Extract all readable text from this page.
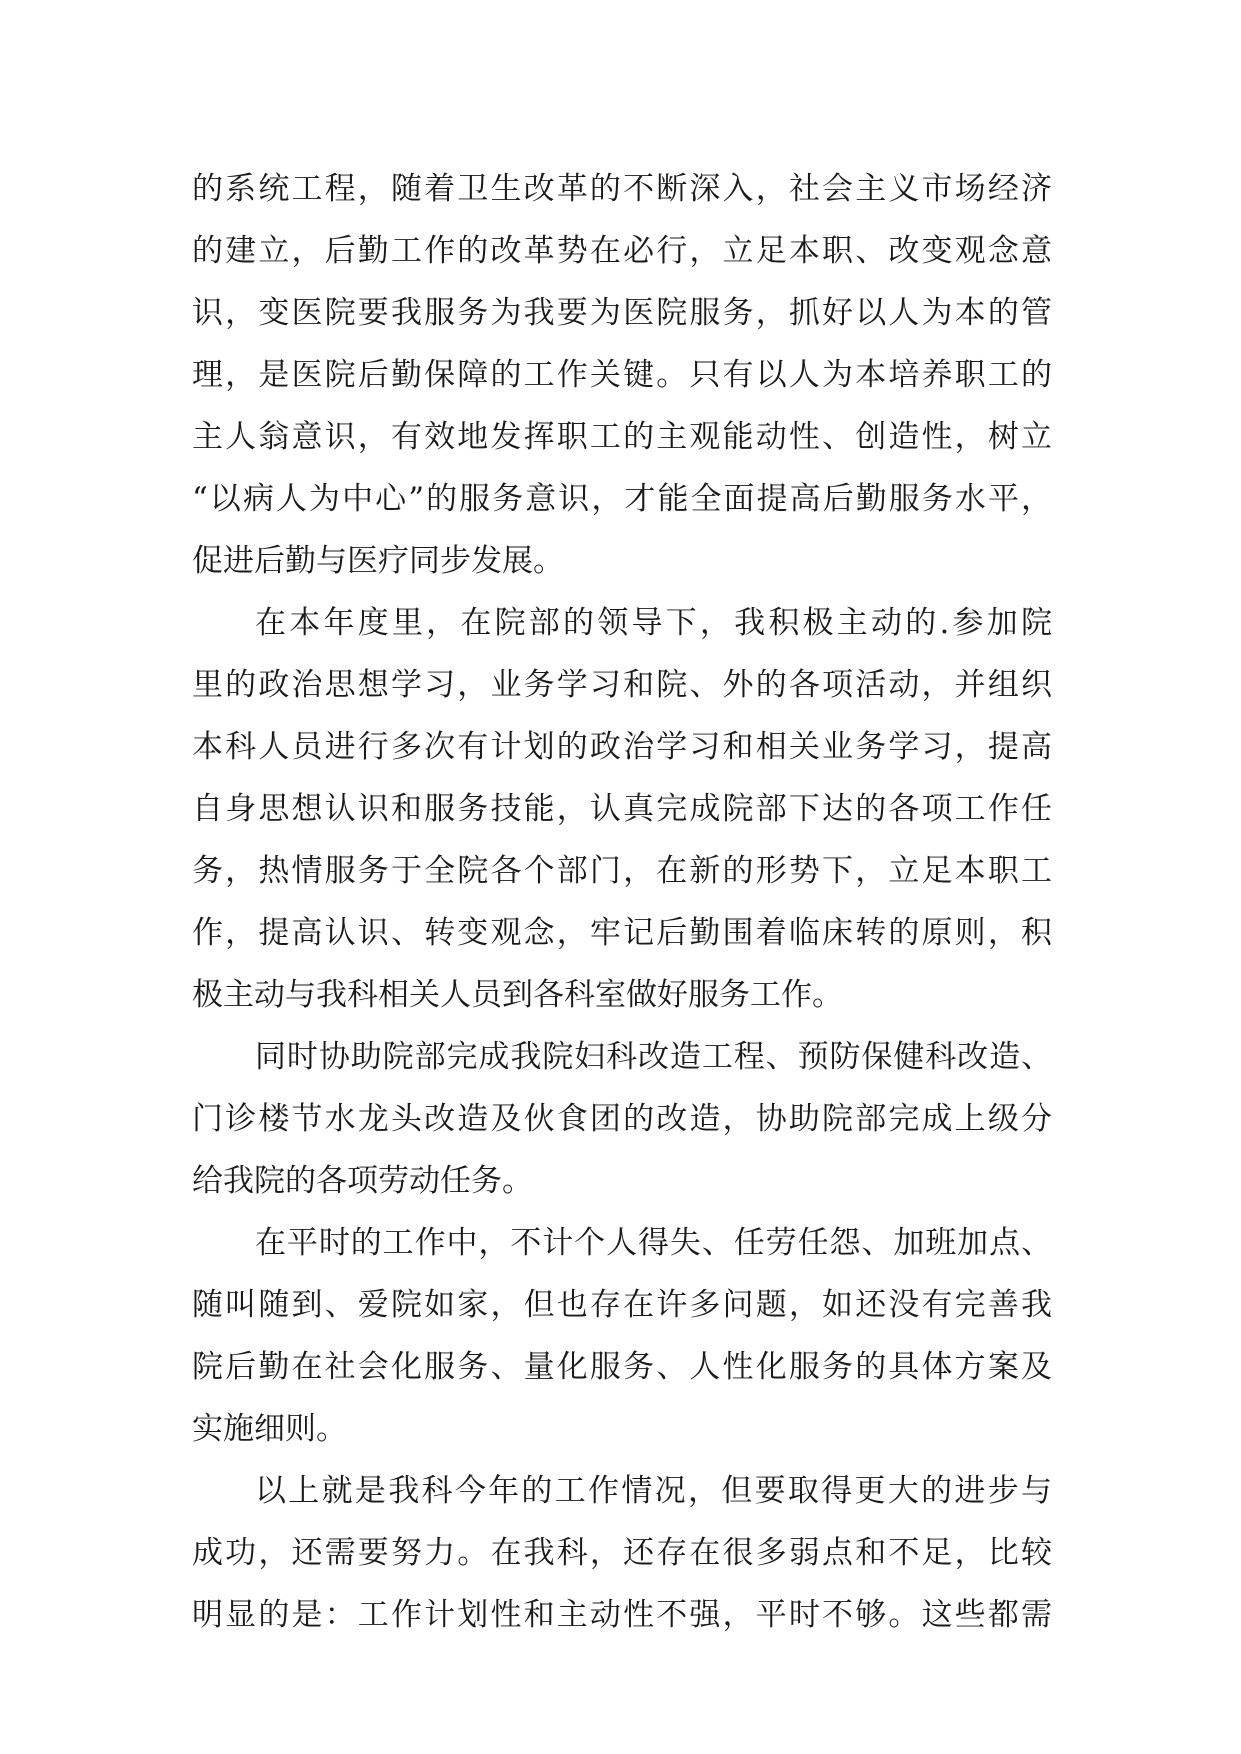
的系统工程，随着卫生改革的不断深入，社会主义市场经济
的建立，后勤工作的改革势在必行，立足本职、改变观念意
识，变医院要我服务为我要为医院服务，抓好以人为本的管
理，是医院后勤保障的工作关键。只有以人为本培养职工的
主人翁意识，有效地发挥职工的主观能动性、创造性，树立
“以病人为中心”的服务意识，才能全面提高后勤服务水平，
促进后勤与医疗同步发展。
在本年度里，在院部的领导下，我积极主动的.参加院
里的政治思想学习，业务学习和院、外的各项活动，并组织
本科人员进行多次有计划的政治学习和相关业务学习，提高
自身思想认识和服务技能，认真完成院部下达的各项工作任
务，热情服务于全院各个部门，在新的形势下，立足本职工
作，提高认识、转变观念，牢记后勤围着临床转的原则，积
极主动与我科相关人员到各科室做好服务工作。
同时协助院部完成我院妇科改造工程、预防保健科改造、
门诊楼节水龙头改造及伙食团的改造，协助院部完成上级分
给我院的各项劳动任务。
在平时的工作中，不计个人得失、任劳任怨、加班加点、
随叫随到、爱院如家，但也存在许多问题，如还没有完善我
院后勤在社会化服务、量化服务、人性化服务的具体方案及
实施细则。
以上就是我科今年的工作情况，但要取得更大的进步与
成功，还需要努力。在我科，还存在很多弱点和不足，比较
明显的是：工作计划性和主动性不强，平时不够。这些都需
